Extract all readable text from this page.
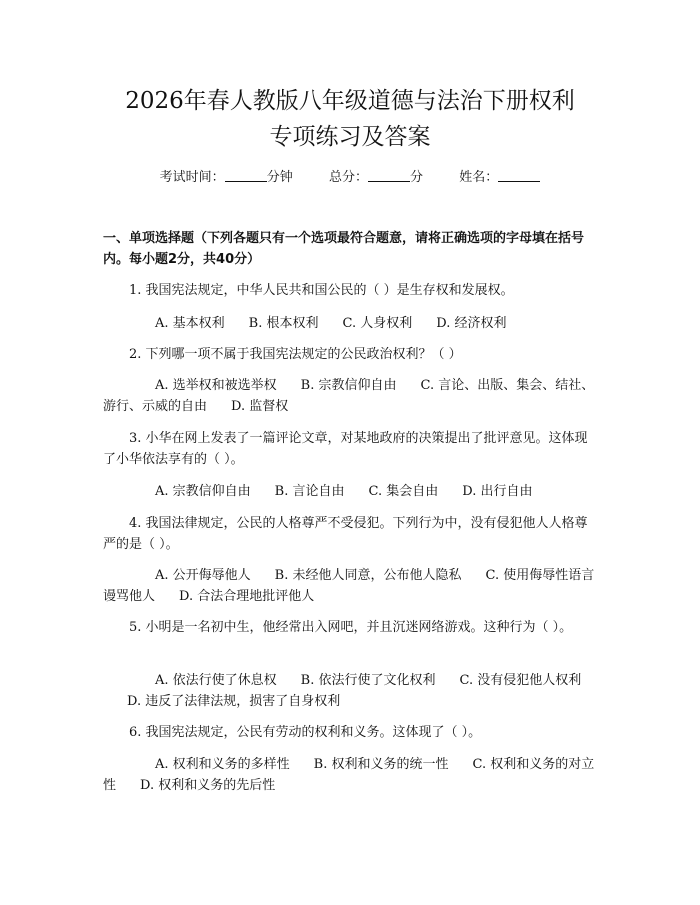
2026年春人教版八年级道德与法治下册权利
专项练习及答案
考试时间：	分钟	总分：	分	姓名：
一、单项选择题（下列各题只有一个选项最符合题意，请将正确选项的字母填在括号内。每小题2分，共40分）
1. 我国宪法规定，中华人民共和国公民的（ ）是生存权和发展权。
A. 基本权利 B. 根本权利 C. 人身权利 D. 经济权利
2. 下列哪一项不属于我国宪法规定的公民政治权利？（ ）
A. 选举权和被选举权 B. 宗教信仰自由 C. 言论、出版、集会、结社、游行、示威的自由 D. 监督权
3. 小华在网上发表了一篇评论文章，对某地政府的决策提出了批评意见。这体现了小华依法享有的（ ）。
A. 宗教信仰自由 B. 言论自由 C. 集会自由 D. 出行自由
4. 我国法律规定，公民的人格尊严不受侵犯。下列行为中，没有侵犯他人人格尊严的是（ ）。
A. 公开侮辱他人 B. 未经他人同意，公布他人隐私 C. 使用侮辱性语言谩骂他人 D. 合法合理地批评他人
5. 小明是一名初中生，他经常出入网吧，并且沉迷网络游戏。这种行为（ ）。
A. 依法行使了休息权 B. 依法行使了文化权利 C. 没有侵犯他人权利D. 违反了法律法规，损害了自身权利
6. 我国宪法规定，公民有劳动的权利和义务。这体现了（ ）。
A. 权利和义务的多样性 B. 权利和义务的统一性 C. 权利和义务的对立性 D. 权利和义务的先后性
